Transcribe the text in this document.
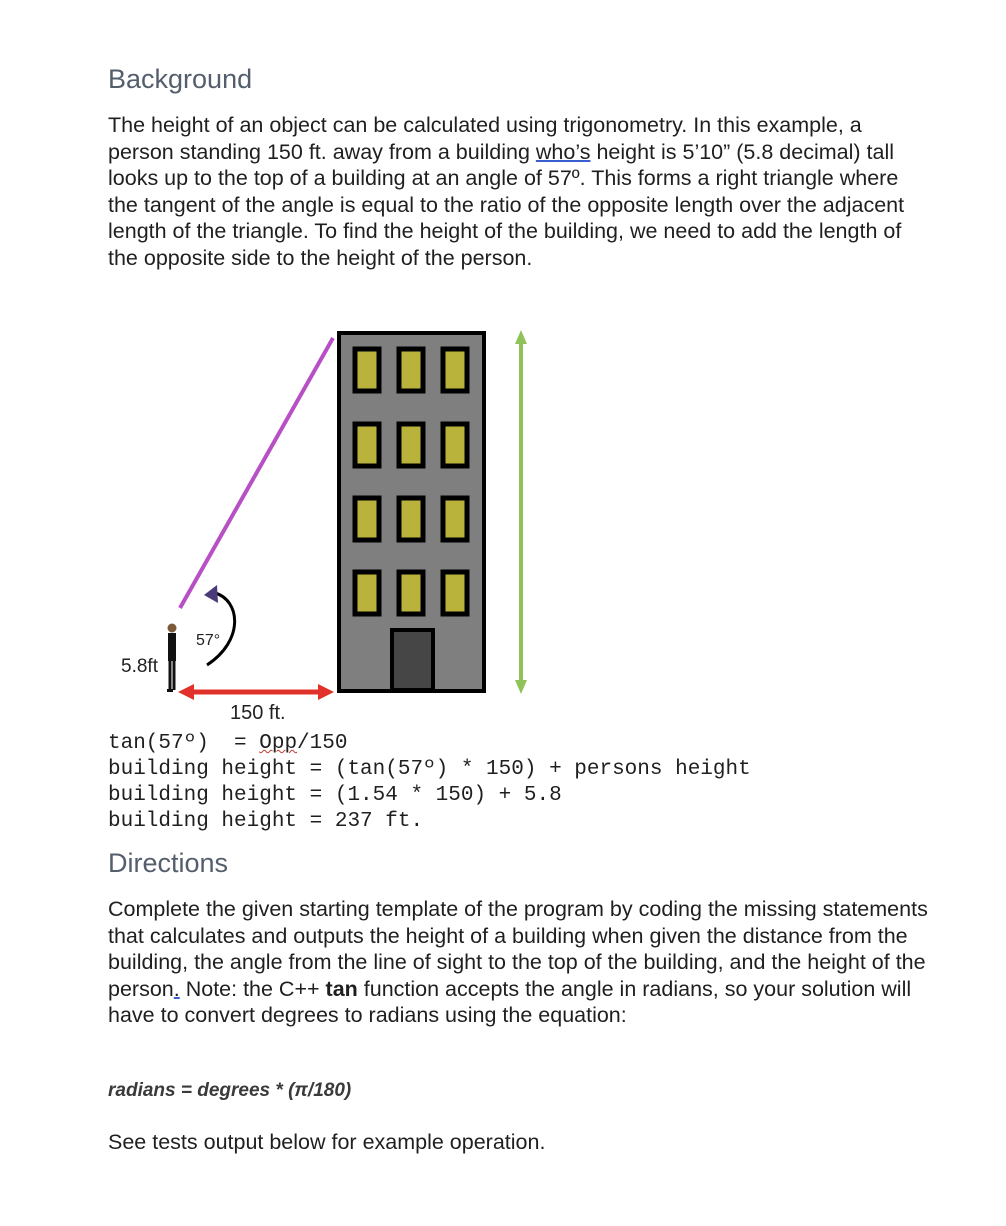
Background

The height of an object can be calculated using trigonometry. In this example, a person standing 150 ft. away from a building who’s height is 5’10” (5.8 decimal) tall looks up to the top of a building at an angle of 57º. This forms a right triangle where the tangent of the angle is equal to the ratio of the opposite length over the adjacent length of the triangle. To find the height of the building, we need to add the length of the opposite side to the height of the person.

57°
5.8ft
150 ft.
tan(57º)  = Opp/150
building height = (tan(57º) * 150) + persons height
building height = (1.54 * 150) + 5.8
building height = 237 ft.
Directions

Complete the given starting template of the program by coding the missing statements that calculates and outputs the height of a building when given the distance from the building, the angle from the line of sight to the top of the building, and the height of the person. Note: the C++ tan function accepts the angle in radians, so your solution will have to convert degrees to radians using the equation:

radians = degrees * (π/180)
See tests output below for example operation.
